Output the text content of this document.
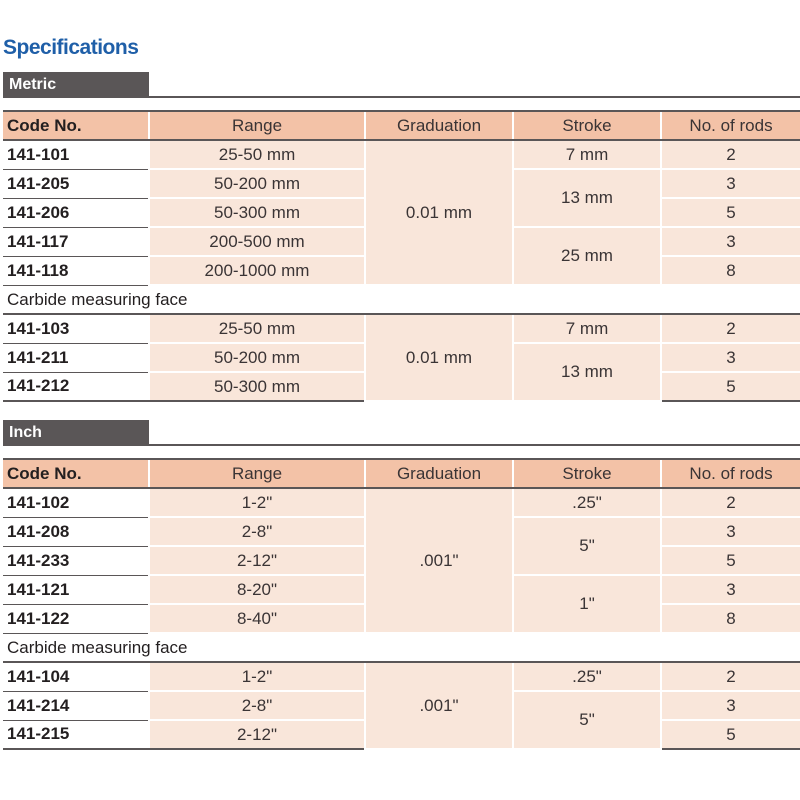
Specifications
Metric
Code No.	Range	Graduation	Stroke	No. of rods
141-101	25-50 mm	0.01 mm	7 mm	2
141-205	50-200 mm		13 mm	3
141-206	50-300 mm			5
141-117	200-500 mm		25 mm	3
141-118	200-1000 mm			8
Carbide measuring face				
141-103	25-50 mm	0.01 mm	7 mm	2
141-211	50-200 mm		13 mm	3
141-212	50-300 mm			5
Inch
Code No.	Range	Graduation	Stroke	No. of rods
141-102	1-2"	.001"	.25"	2
141-208	2-8"		5"	3
141-233	2-12"			5
141-121	8-20"		1"	3
141-122	8-40"			8
Carbide measuring face				
141-104	1-2"	.001"	.25"	2
141-214	2-8"		5"	3
141-215	2-12"			5
